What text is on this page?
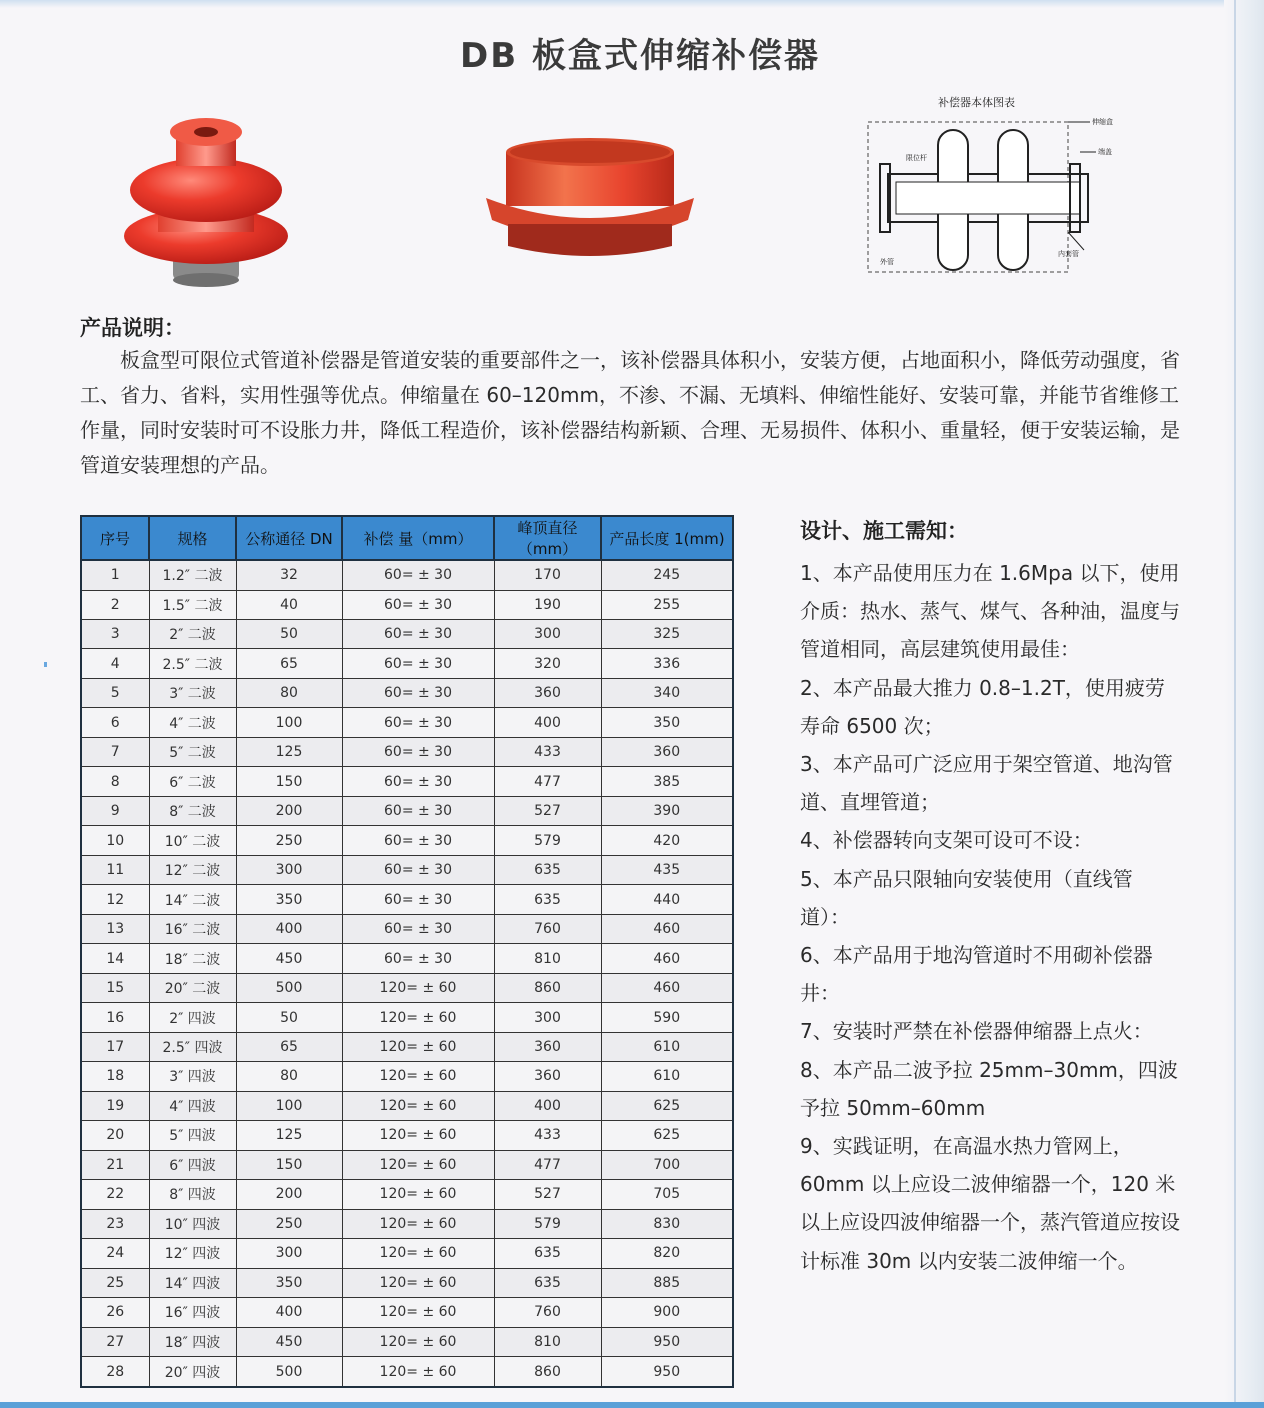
DB 板盒式伸缩补偿器
补偿器本体图表
伸缩盒
限位杆
端盖
外管
内套管
产品说明：

板盒型可限位式管道补偿器是管道安装的重要部件之一，该补偿器具体积小，安装方便，占地面积小，降低劳动强度，省工、省力、省料，实用性强等优点。伸缩量在 60–120mm，不渗、不漏、无填料、伸缩性能好、安装可靠，并能节省维修工作量，同时安装时可不设胀力井，降低工程造价，该补偿器结构新颖、合理、无易损件、体积小、重量轻，便于安装运输，是管道安装理想的产品。

序号	规格	公称通径 DN	补偿 量（mm）	峰顶直径（mm）	产品长度 1(mm)
1	1.2″ 二波	32	60= ± 30	170	245
2	1.5″ 二波	40	60= ± 30	190	255
3	2″ 二波	50	60= ± 30	300	325
4	2.5″ 二波	65	60= ± 30	320	336
5	3″ 二波	80	60= ± 30	360	340
6	4″ 二波	100	60= ± 30	400	350
7	5″ 二波	125	60= ± 30	433	360
8	6″ 二波	150	60= ± 30	477	385
9	8″ 二波	200	60= ± 30	527	390
10	10″ 二波	250	60= ± 30	579	420
11	12″ 二波	300	60= ± 30	635	435
12	14″ 二波	350	60= ± 30	635	440
13	16″ 二波	400	60= ± 30	760	460
14	18″ 二波	450	60= ± 30	810	460
15	20″ 二波	500	120= ± 60	860	460
16	2″ 四波	50	120= ± 60	300	590
17	2.5″ 四波	65	120= ± 60	360	610
18	3″ 四波	80	120= ± 60	360	610
19	4″ 四波	100	120= ± 60	400	625
20	5″ 四波	125	120= ± 60	433	625
21	6″ 四波	150	120= ± 60	477	700
22	8″ 四波	200	120= ± 60	527	705
23	10″ 四波	250	120= ± 60	579	830
24	12″ 四波	300	120= ± 60	635	820
25	14″ 四波	350	120= ± 60	635	885
26	16″ 四波	400	120= ± 60	760	900
27	18″ 四波	450	120= ± 60	810	950
28	20″ 四波	500	120= ± 60	860	950
设计、施工需知：

1、本产品使用压力在 1.6Mpa 以下，使用介质：热水、蒸气、煤气、各种油，温度与管道相同，高层建筑使用最佳：

2、本产品最大推力 0.8–1.2T，使用疲劳寿命 6500 次；

3、本产品可广泛应用于架空管道、地沟管道、直埋管道；

4、补偿器转向支架可设可不设：

5、本产品只限轴向安装使用（直线管道）：

6、本产品用于地沟管道时不用砌补偿器井：

7、安装时严禁在补偿器伸缩器上点火：

8、本产品二波予拉 25mm–30mm，四波予拉 50mm–60mm

9、实践证明，在高温水热力管网上，60mm 以上应设二波伸缩器一个，120 米以上应设四波伸缩器一个，蒸汽管道应按设计标准 30m 以内安装二波伸缩一个。
